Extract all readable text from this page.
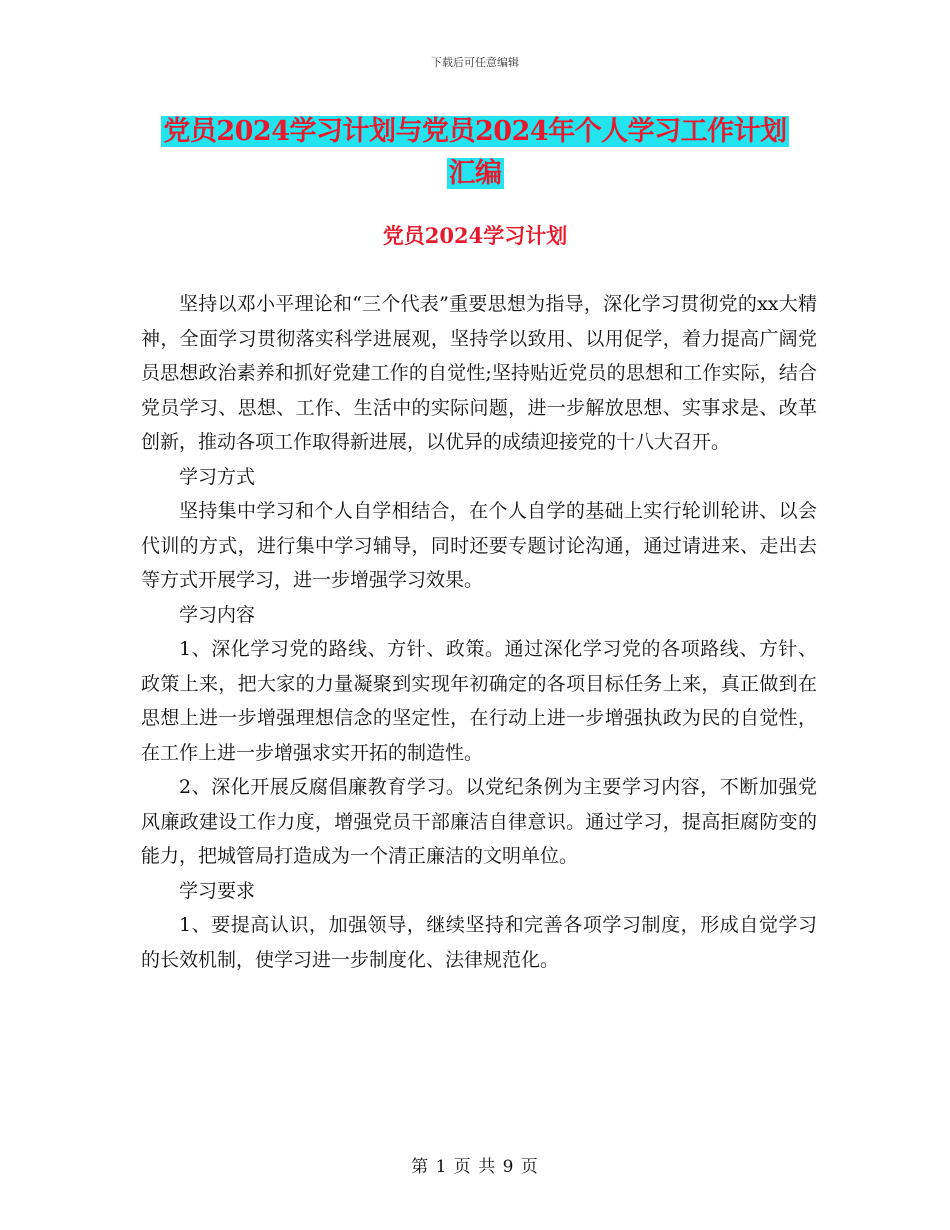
下载后可任意编辑
党员2024学习计划与党员2024年个人学习工作计划
汇编
党员2024学习计划

坚持以邓小平理论和“三个代表”重要思想为指导，深化学习贯彻党的xx大精神，全面学习贯彻落实科学进展观，坚持学以致用、以用促学，着力提高广阔党员思想政治素养和抓好党建工作的自觉性;坚持贴近党员的思想和工作实际，结合党员学习、思想、工作、生活中的实际问题，进一步解放思想、实事求是、改革创新，推动各项工作取得新进展，以优异的成绩迎接党的十八大召开。

学习方式

坚持集中学习和个人自学相结合，在个人自学的基础上实行轮训轮讲、以会代训的方式，进行集中学习辅导，同时还要专题讨论沟通，通过请进来、走出去等方式开展学习，进一步增强学习效果。

学习内容

1、深化学习党的路线、方针、政策。通过深化学习党的各项路线、方针、政策上来，把大家的力量凝聚到实现年初确定的各项目标任务上来，真正做到在思想上进一步增强理想信念的坚定性，在行动上进一步增强执政为民的自觉性，在工作上进一步增强求实开拓的制造性。

2、深化开展反腐倡廉教育学习。以党纪条例为主要学习内容，不断加强党风廉政建设工作力度，增强党员干部廉洁自律意识。通过学习，提高拒腐防变的能力，把城管局打造成为一个清正廉洁的文明单位。

学习要求

1、要提高认识，加强领导，继续坚持和完善各项学习制度，形成自觉学习的长效机制，使学习进一步制度化、法律规范化。

第 1 页 共 9 页
